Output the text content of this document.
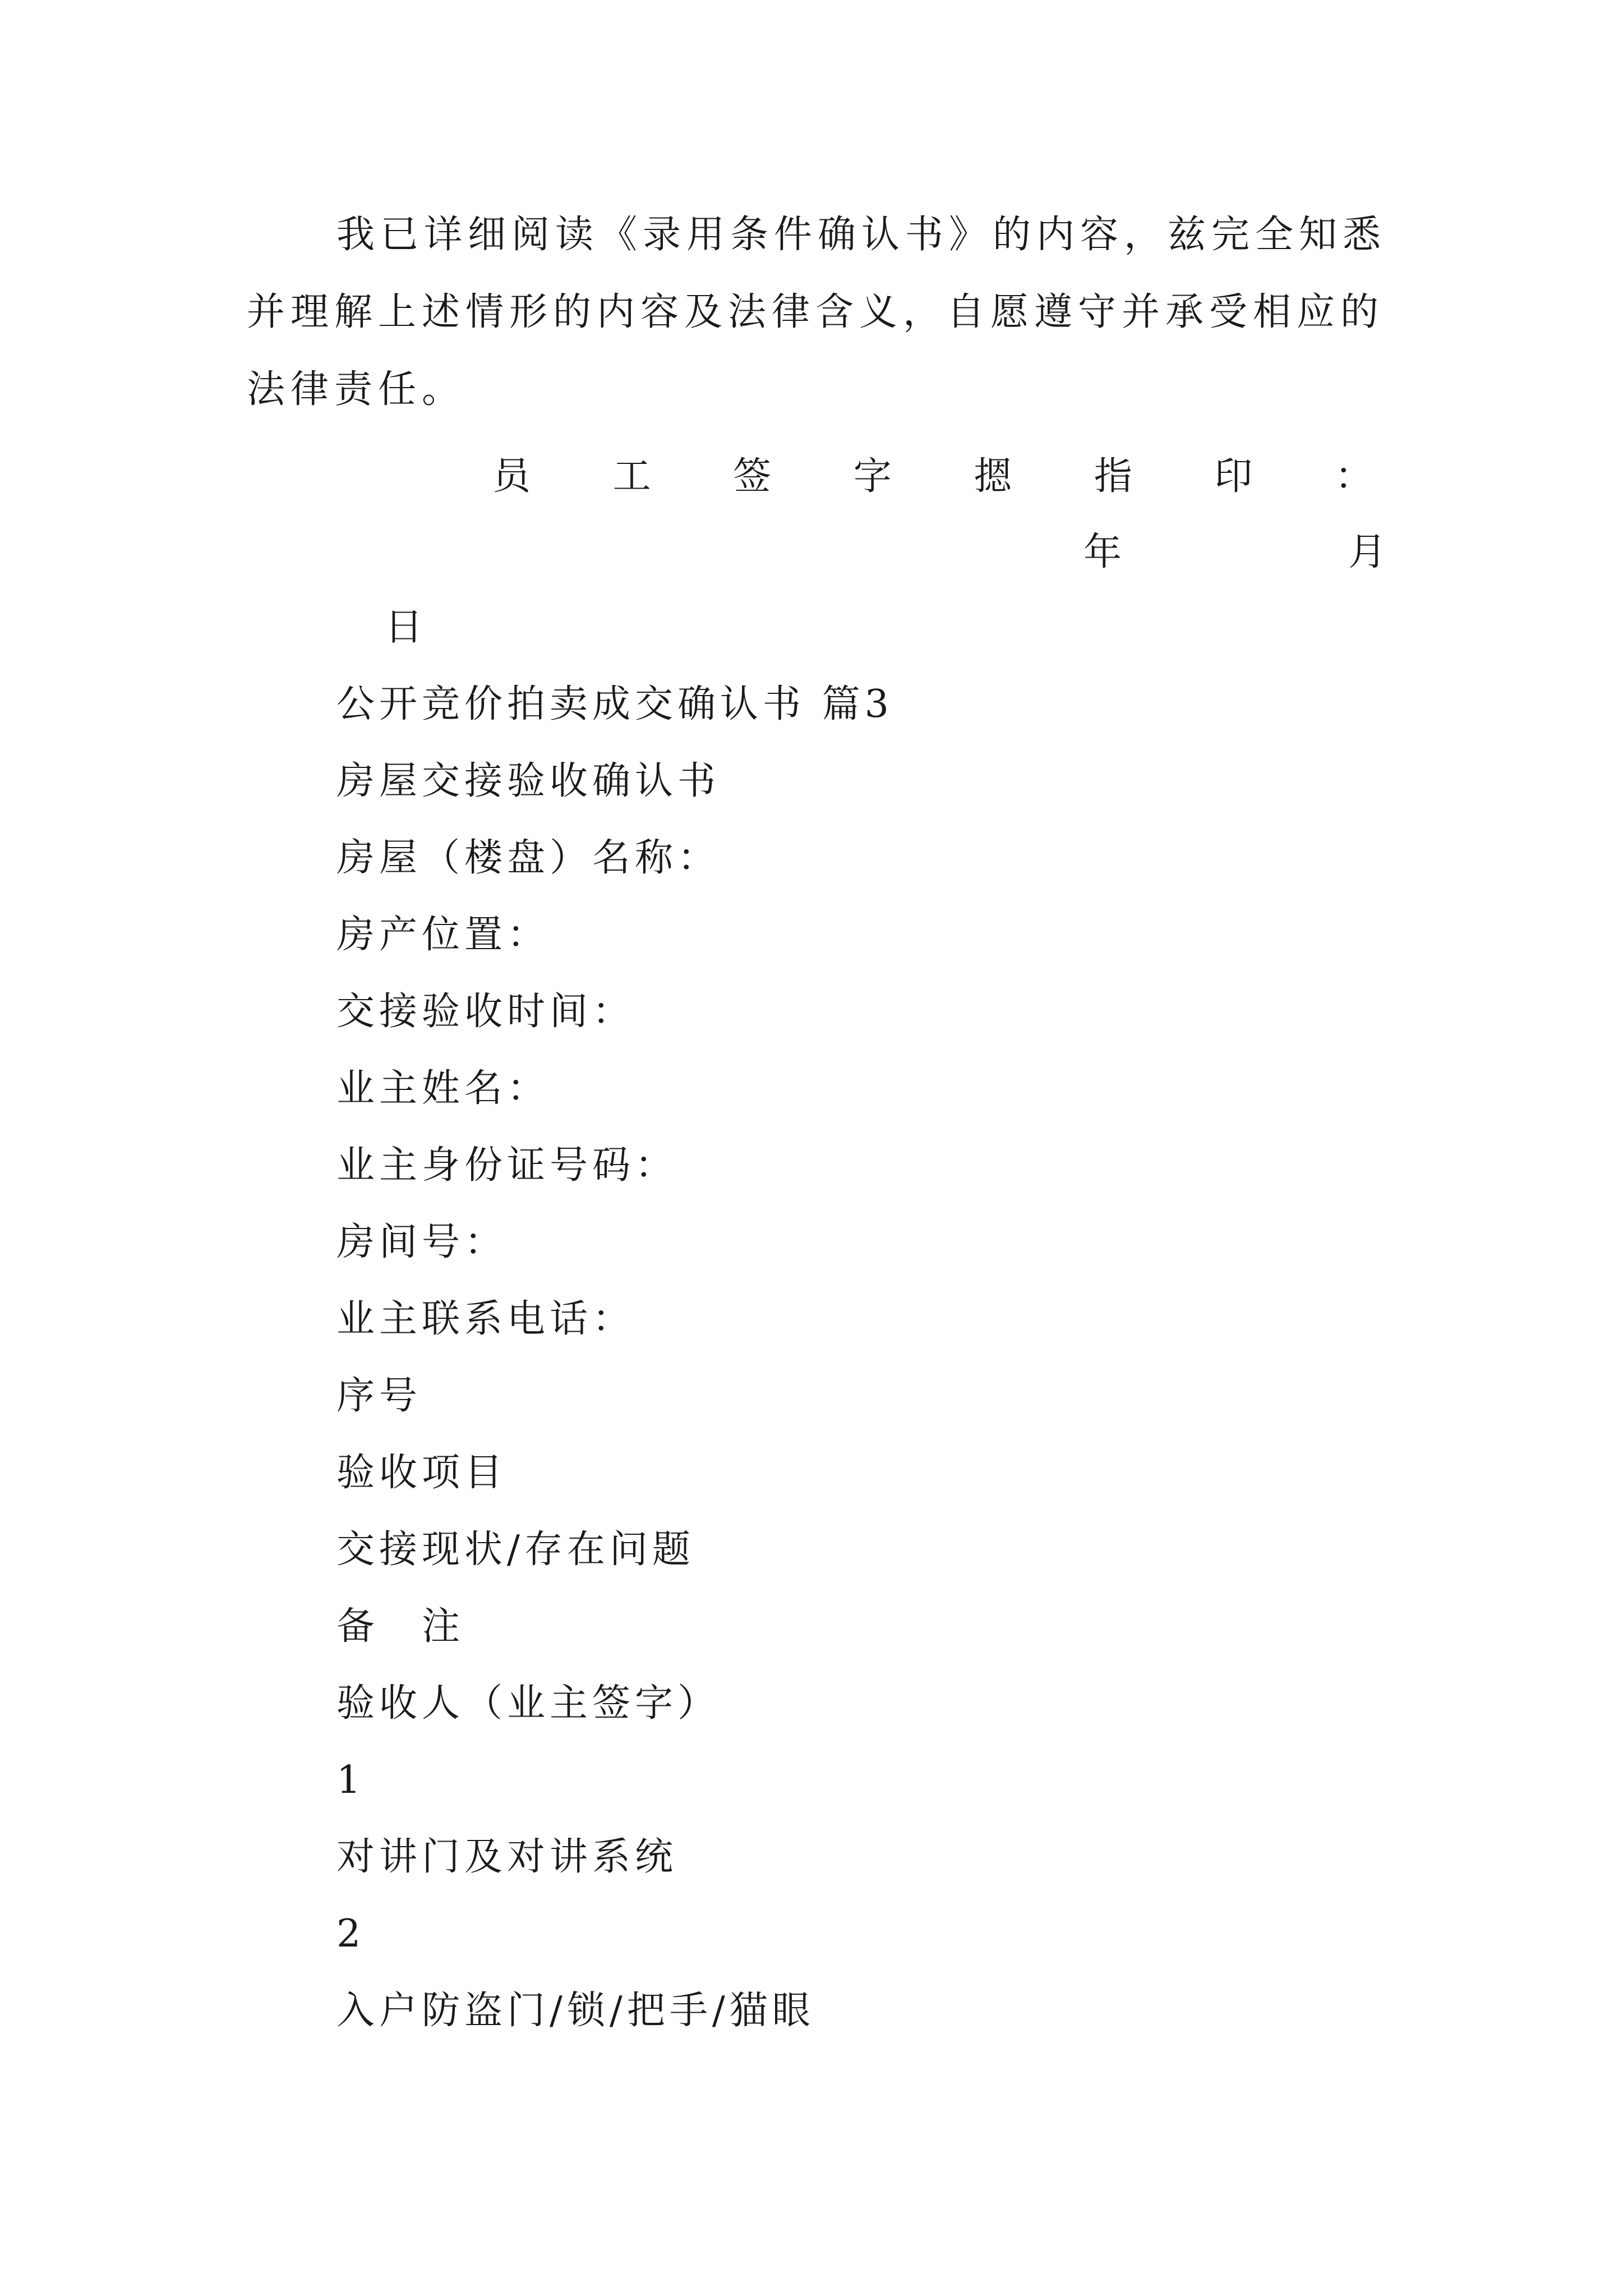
我已详细阅读《录用条件确认书》的内容，兹完全知悉并理解上述情形的内容及法律含义，自愿遵守并承受相应的法律责任。

员 工 签 字 摁 指 印 ：
年	月

日

公开竞价拍卖成交确认书 篇3

房屋交接验收确认书

房屋（楼盘）名称：

房产位置：

交接验收时间：

业主姓名：

业主身份证号码：

房间号：

业主联系电话：

序号

验收项目

交接现状/存在问题

备　注

验收人（业主签字）

1

对讲门及对讲系统

2

入户防盗门/锁/把手/猫眼
